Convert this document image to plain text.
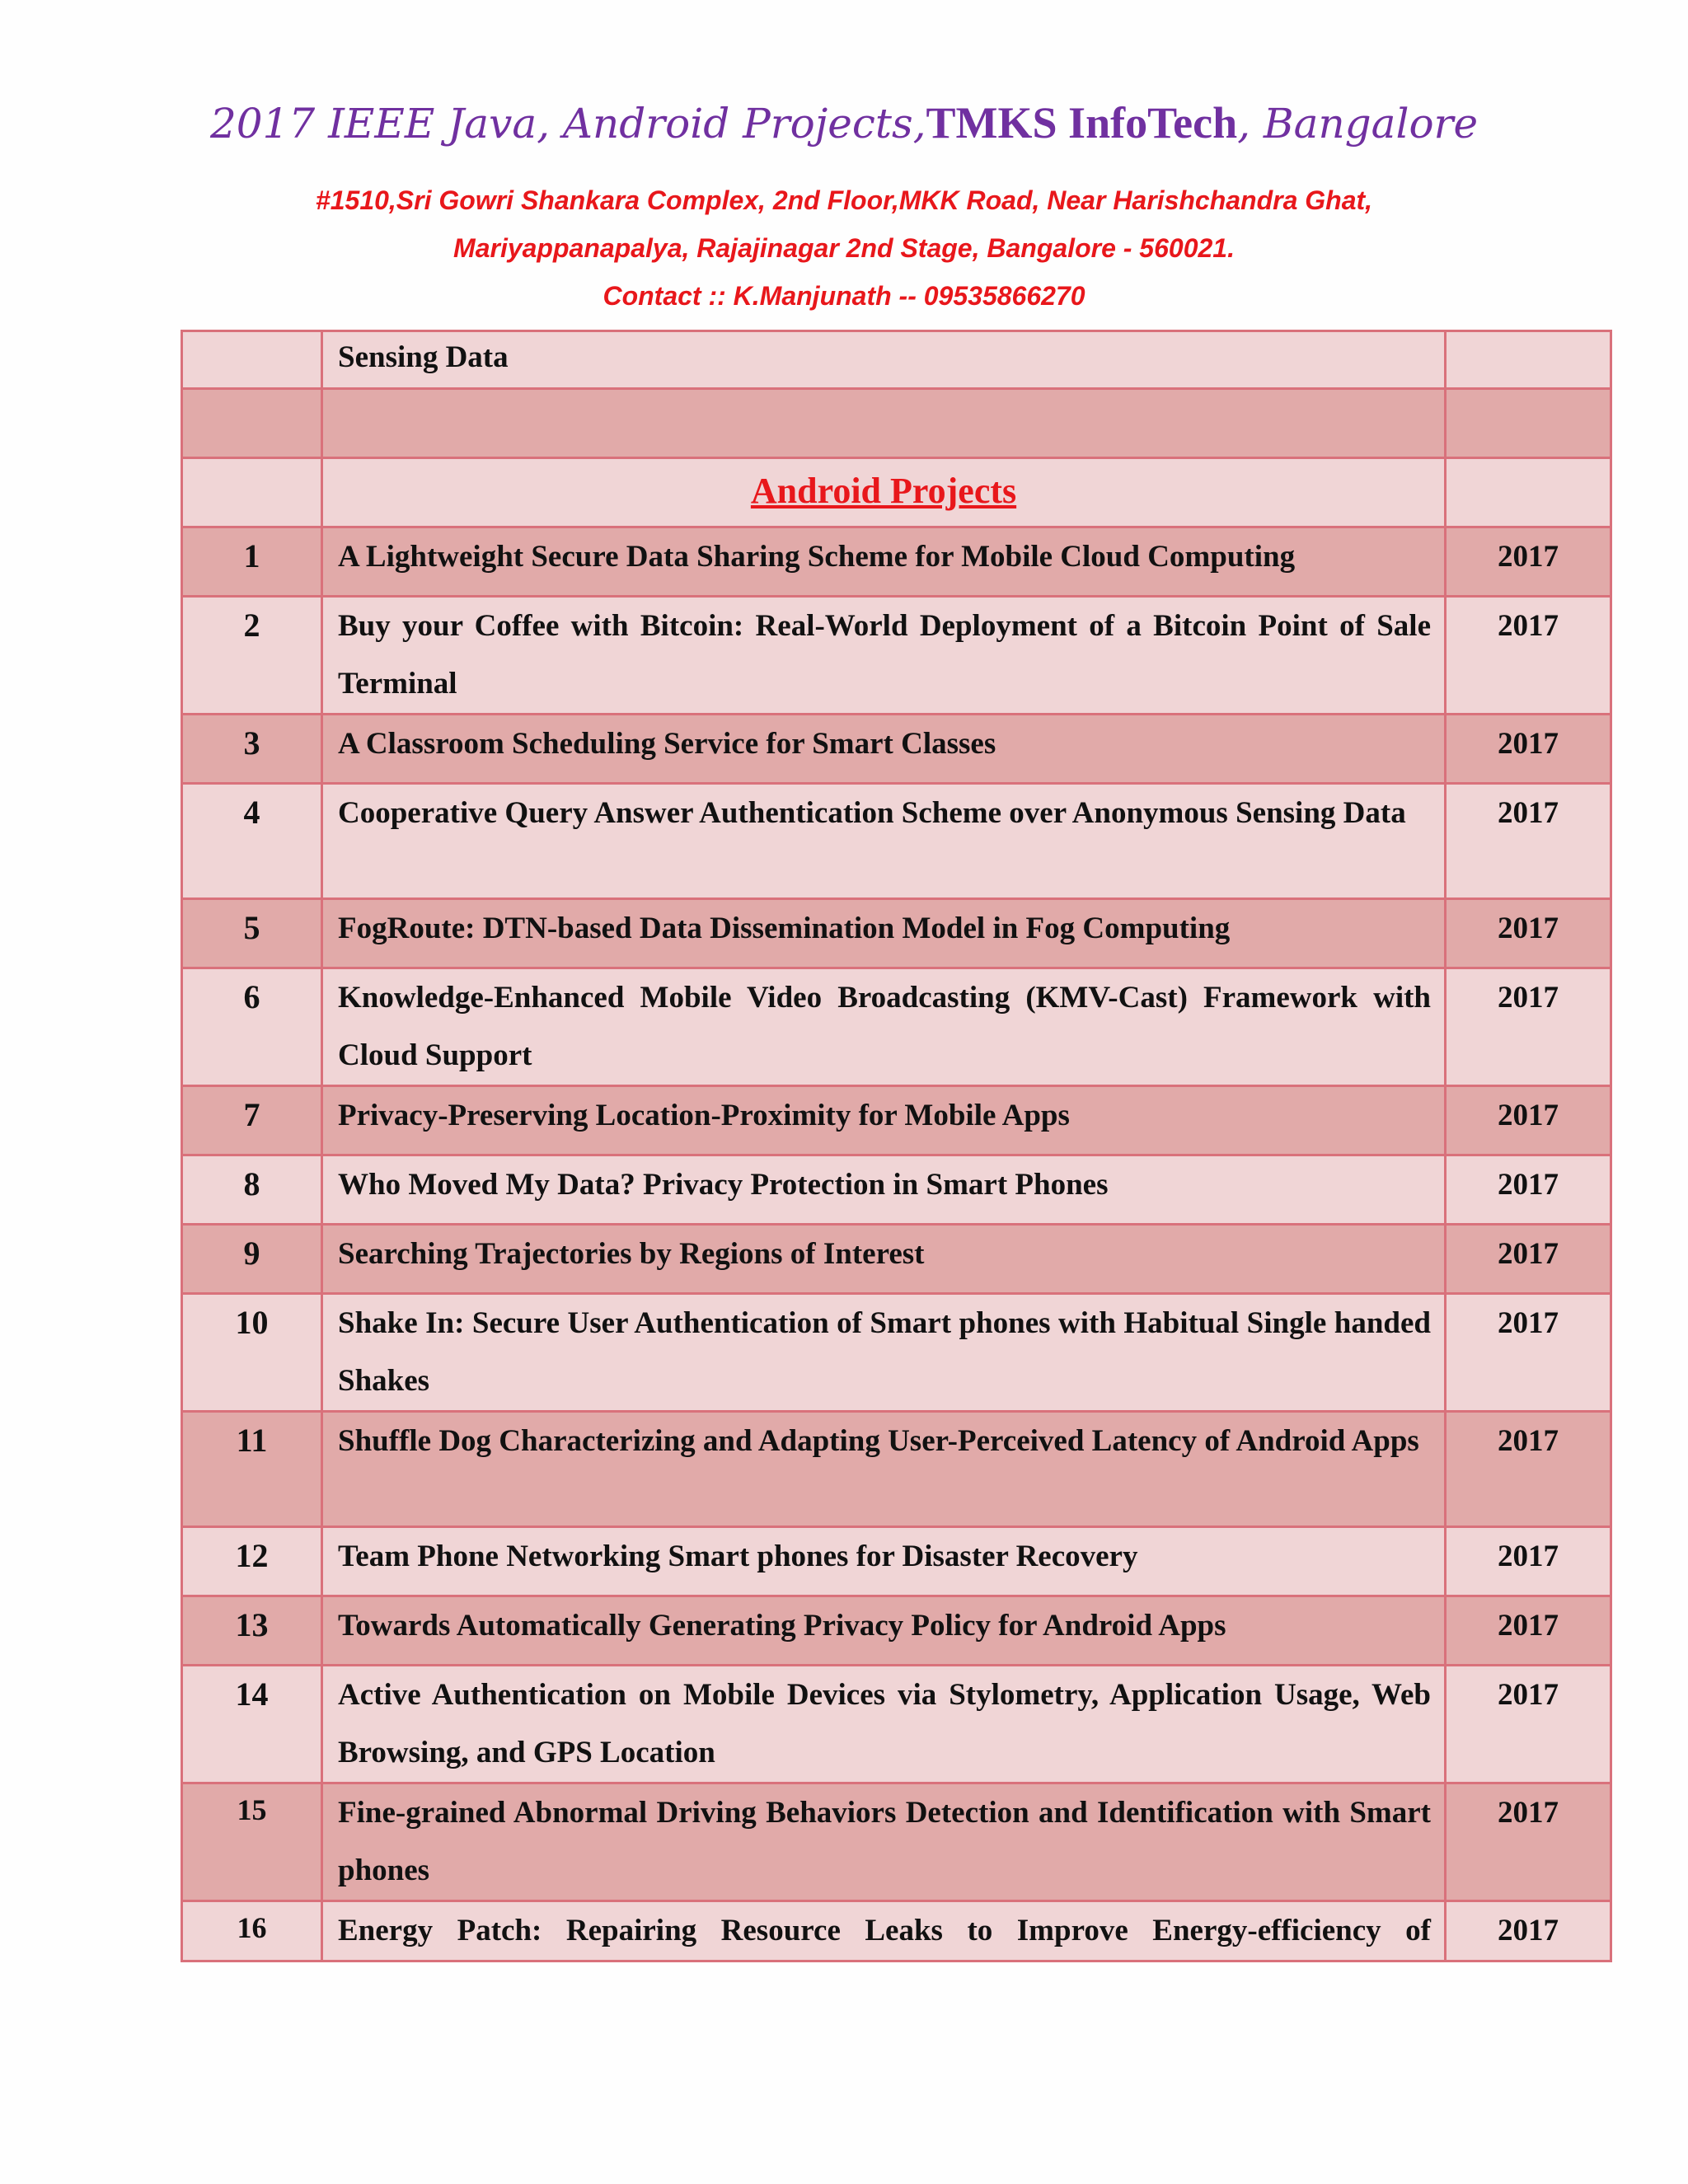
2017 IEEE Java, Android Projects,TMKS InfoTech, Bangalore
#1510,Sri Gowri Shankara Complex, 2nd Floor,MKK Road, Near Harishchandra Ghat,
Mariyappanapalya, Rajajinagar 2nd Stage, Bangalore - 560021.
Contact :: K.Manjunath -- 09535866270
	Sensing Data	

	Android Projects	
1	A Lightweight Secure Data Sharing Scheme for Mobile Cloud Computing	2017
2	Buy your Coffee with Bitcoin: Real-World Deployment of a Bitcoin Point of Sale Terminal	2017
3	A Classroom Scheduling Service for Smart Classes	2017
4	Cooperative Query Answer Authentication Scheme over Anonymous Sensing Data	2017
5	FogRoute: DTN-based Data Dissemination Model in Fog Computing	2017
6	Knowledge-Enhanced Mobile Video Broadcasting (KMV-Cast) Framework with Cloud Support	2017
7	Privacy-Preserving Location-Proximity for Mobile Apps	2017
8	Who Moved My Data? Privacy Protection in Smart Phones	2017
9	Searching Trajectories by Regions of Interest	2017
10	Shake In: Secure User Authentication of Smart phones with Habitual Single handed Shakes	2017
11	Shuffle Dog Characterizing and Adapting User-Perceived Latency of Android Apps	2017
12	Team Phone Networking Smart phones for Disaster Recovery	2017
13	Towards Automatically Generating Privacy Policy for Android Apps	2017
14	Active Authentication on Mobile Devices via Stylometry, Application Usage, Web Browsing, and GPS Location	2017
15	Fine-grained Abnormal Driving Behaviors Detection and Identification with Smart phones	2017
16	Energy Patch: Repairing Resource Leaks to Improve Energy-efficiency of	2017
